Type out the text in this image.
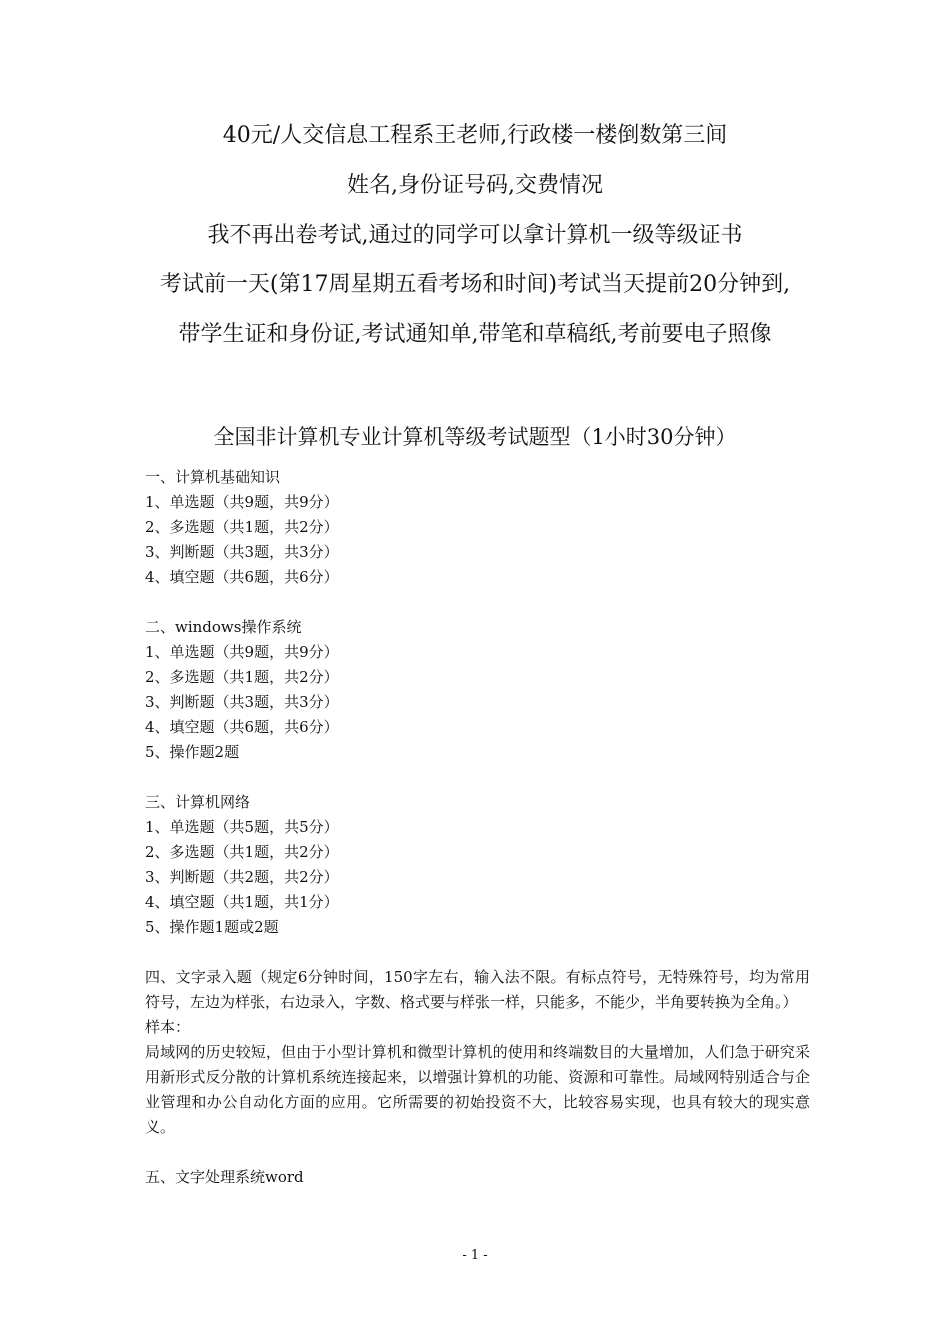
40元/人交信息工程系王老师,行政楼一楼倒数第三间
姓名,身份证号码,交费情况
我不再出卷考试,通过的同学可以拿计算机一级等级证书
考试前一天(第17周星期五看考场和时间)考试当天提前20分钟到,
带学生证和身份证,考试通知单,带笔和草稿纸,考前要电子照像
全国非计算机专业计算机等级考试题型（1小时30分钟）
一、计算机基础知识
1、单选题（共9题，共9分）
2、多选题（共1题，共2分）
3、判断题（共3题，共3分）
4、填空题（共6题，共6分）
二、windows操作系统
1、单选题（共9题，共9分）
2、多选题（共1题，共2分）
3、判断题（共3题，共3分）
4、填空题（共6题，共6分）
5、操作题2题
三、计算机网络
1、单选题（共5题，共5分）
2、多选题（共1题，共2分）
3、判断题（共2题，共2分）
4、填空题（共1题，共1分）
5、操作题1题或2题
四、文字录入题（规定6分钟时间，150字左右，输入法不限。有标点符号，无特殊符号，均为常用符号，左边为样张，右边录入，字数、格式要与样张一样，只能多，不能少，半角要转换为全角。）
样本：
局域网的历史较短，但由于小型计算机和微型计算机的使用和终端数目的大量增加，人们急于研究采用新形式反分散的计算机系统连接起来，以增强计算机的功能、资源和可靠性。局域网特别适合与企业管理和办公自动化方面的应用。它所需要的初始投资不大，比较容易实现，也具有较大的现实意义。
五、文字处理系统word
- 1 -
